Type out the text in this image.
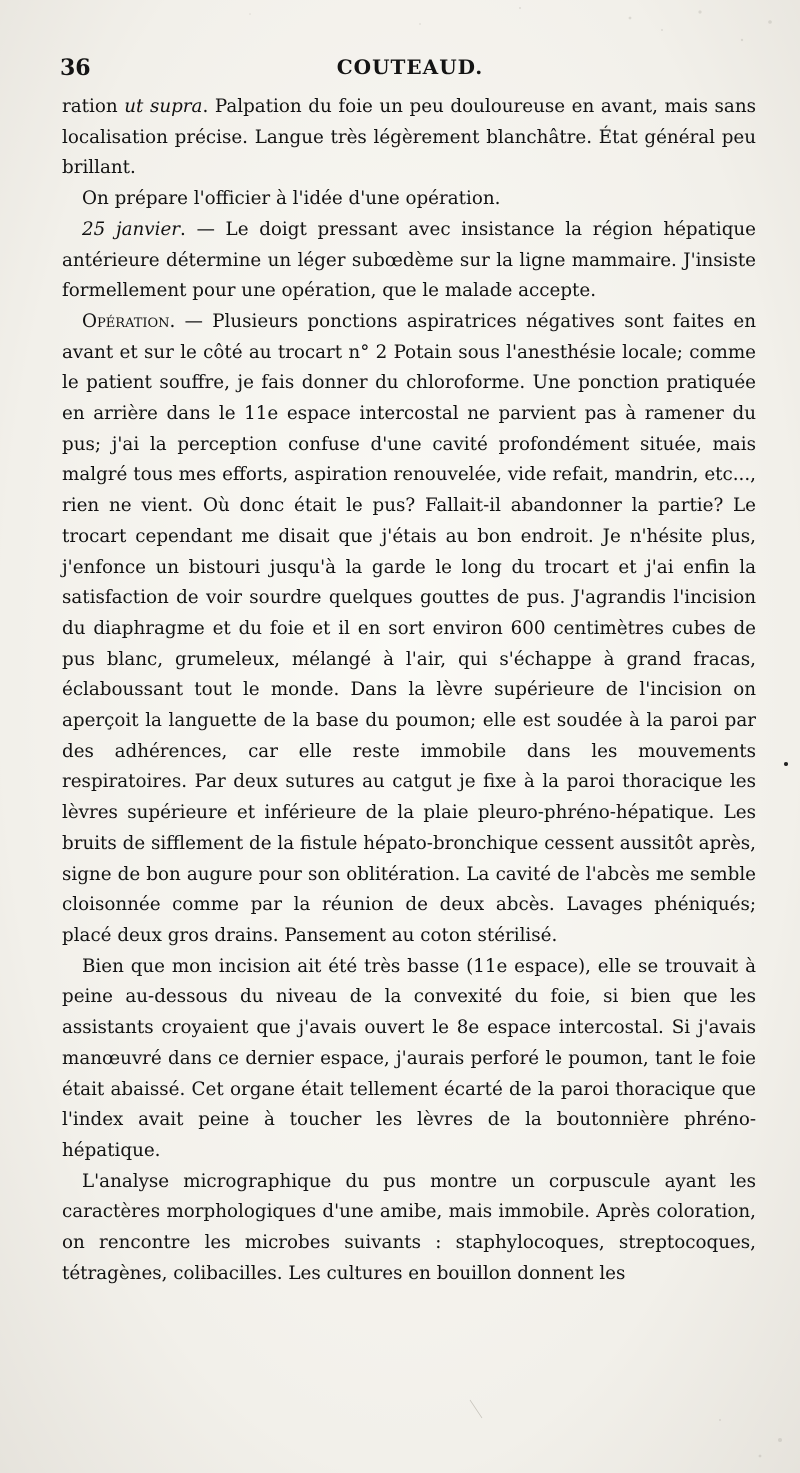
36	COUTEAUD.

ration ut supra. Palpation du foie un peu douloureuse en avant, mais sans localisation précise. Langue très légèrement blanchâtre. État général peu brillant.

On prépare l'officier à l'idée d'une opération.

25 janvier. — Le doigt pressant avec insistance la région hépatique antérieure détermine un léger subœdème sur la ligne mammaire. J'insiste formellement pour une opération, que le malade accepte.

Opération. — Plusieurs ponctions aspiratrices négatives sont faites en avant et sur le côté au trocart n° 2 Potain sous l'anesthésie locale; comme le patient souffre, je fais donner du chloroforme. Une ponction pratiquée en arrière dans le 11e espace intercostal ne parvient pas à ramener du pus; j'ai la perception confuse d'une cavité profondément située, mais malgré tous mes efforts, aspiration renouvelée, vide refait, mandrin, etc..., rien ne vient. Où donc était le pus? Fallait-il abandonner la partie? Le trocart cependant me disait que j'étais au bon endroit. Je n'hésite plus, j'enfonce un bistouri jusqu'à la garde le long du trocart et j'ai enfin la satisfaction de voir sourdre quelques gouttes de pus. J'agrandis l'incision du diaphragme et du foie et il en sort environ 600 centimètres cubes de pus blanc, grumeleux, mélangé à l'air, qui s'échappe à grand fracas, éclaboussant tout le monde. Dans la lèvre supérieure de l'incision on aperçoit la languette de la base du poumon; elle est soudée à la paroi par des adhérences, car elle reste immobile dans les mouvements respiratoires. Par deux sutures au catgut je fixe à la paroi thoracique les lèvres supérieure et inférieure de la plaie pleuro-phréno-hépatique. Les bruits de sifflement de la fistule hépato-bronchique cessent aussitôt après, signe de bon augure pour son oblitération. La cavité de l'abcès me semble cloisonnée comme par la réunion de deux abcès. Lavages phéniqués; placé deux gros drains. Pansement au coton stérilisé.

Bien que mon incision ait été très basse (11e espace), elle se trouvait à peine au-dessous du niveau de la convexité du foie, si bien que les assistants croyaient que j'avais ouvert le 8e espace intercostal. Si j'avais manœuvré dans ce dernier espace, j'aurais perforé le poumon, tant le foie était abaissé. Cet organe était tellement écarté de la paroi thoracique que l'index avait peine à toucher les lèvres de la boutonnière phréno-hépatique.

L'analyse micrographique du pus montre un corpuscule ayant les caractères morphologiques d'une amibe, mais immobile. Après coloration, on rencontre les microbes suivants : staphylocoques, streptocoques, tétragènes, colibacilles. Les cultures en bouillon donnent les
